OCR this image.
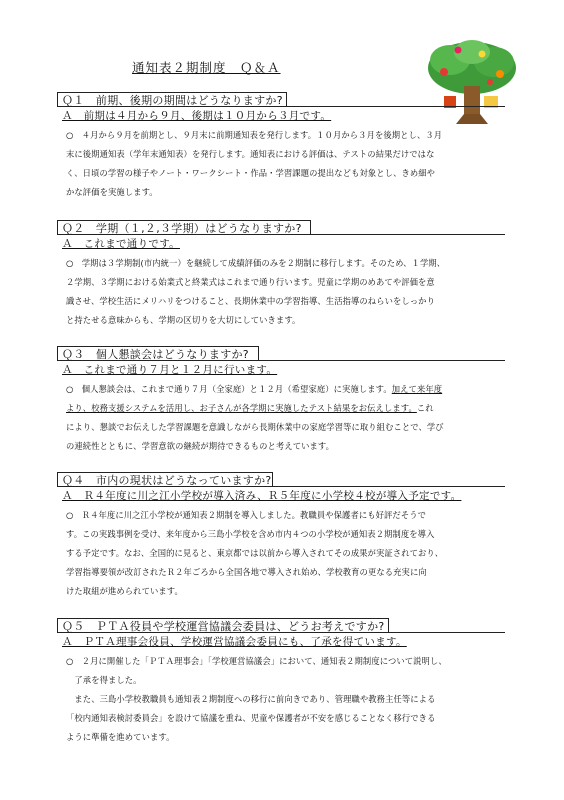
通知表２期制度　Ｑ＆Ａ
Ｑ１　前期、後期の期間はどうなりますか?
Ａ　前期は４月から９月、後期は１０月から３月です。
○　４月から９月を前期とし、９月末に前期通知表を発行します。１０月から３月を後期とし、３月
末に後期通知表（学年末通知表）を発行します。通知表における評価は、テストの結果だけではな
く、日頃の学習の様子やノート・ワークシート・作品・学習課題の提出なども対象とし、きめ細や
かな評価を実施します。
Ｑ２　学期（１,２,３学期）はどうなりますか?
Ａ　これまで通りです。
○　学期は３学期制(市内統一）を継続して成績評価のみを２期制に移行します。そのため、１学期、
２学期、３学期における始業式と終業式はこれまで通り行います。児童に学期のめあてや評価を意
識させ、学校生活にメリハリをつけること、長期休業中の学習指導、生活指導のねらいをしっかり
と持たせる意味からも、学期の区切りを大切にしていきます。
Ｑ３　個人懇談会はどうなりますか?
Ａ　これまで通り７月と１２月に行います。
○　個人懇談会は、これまで通り７月（全家庭）と１２月（希望家庭）に実施します。加えて来年度
より、校務支援システムを活用し、お子さんが各学期に実施したテスト結果をお伝えします。これ
により、懇談でお伝えした学習課題を意識しながら長期休業中の家庭学習等に取り組むことで、学び
の連続性とともに、学習意欲の継続が期待できるものと考えています。
Ｑ４　市内の現状はどうなっていますか?
Ａ　Ｒ４年度に川之江小学校が導入済み、Ｒ５年度に小学校４校が導入予定です。
○　Ｒ４年度に川之江小学校が通知表２期制を導入しました。教職員や保護者にも好評だそうで
す。この実践事例を受け、来年度から三島小学校を含め市内４つの小学校が通知表２期制度を導入
する予定です。なお、全国的に見ると、東京都では以前から導入されてその成果が実証されており、
学習指導要領が改訂されたＲ２年ごろから全国各地で導入され始め、学校教育の更なる充実に向
けた取組が進められています。
Ｑ５　ＰＴＡ役員や学校運営協議会委員は、どうお考えですか?
Ａ　ＰＴＡ理事会役員、学校運営協議会委員にも、了承を得ています。
○　２月に開催した「ＰＴＡ理事会」「学校運営協議会」において、通知表２期制度について説明し、
　了承を得ました。
　また、三島小学校教職員も通知表２期制度への移行に前向きであり、管理職や教務主任等による
「校内通知表検討委員会」を設けて協議を重ね、児童や保護者が不安を感じることなく移行できる
ように準備を進めています。
